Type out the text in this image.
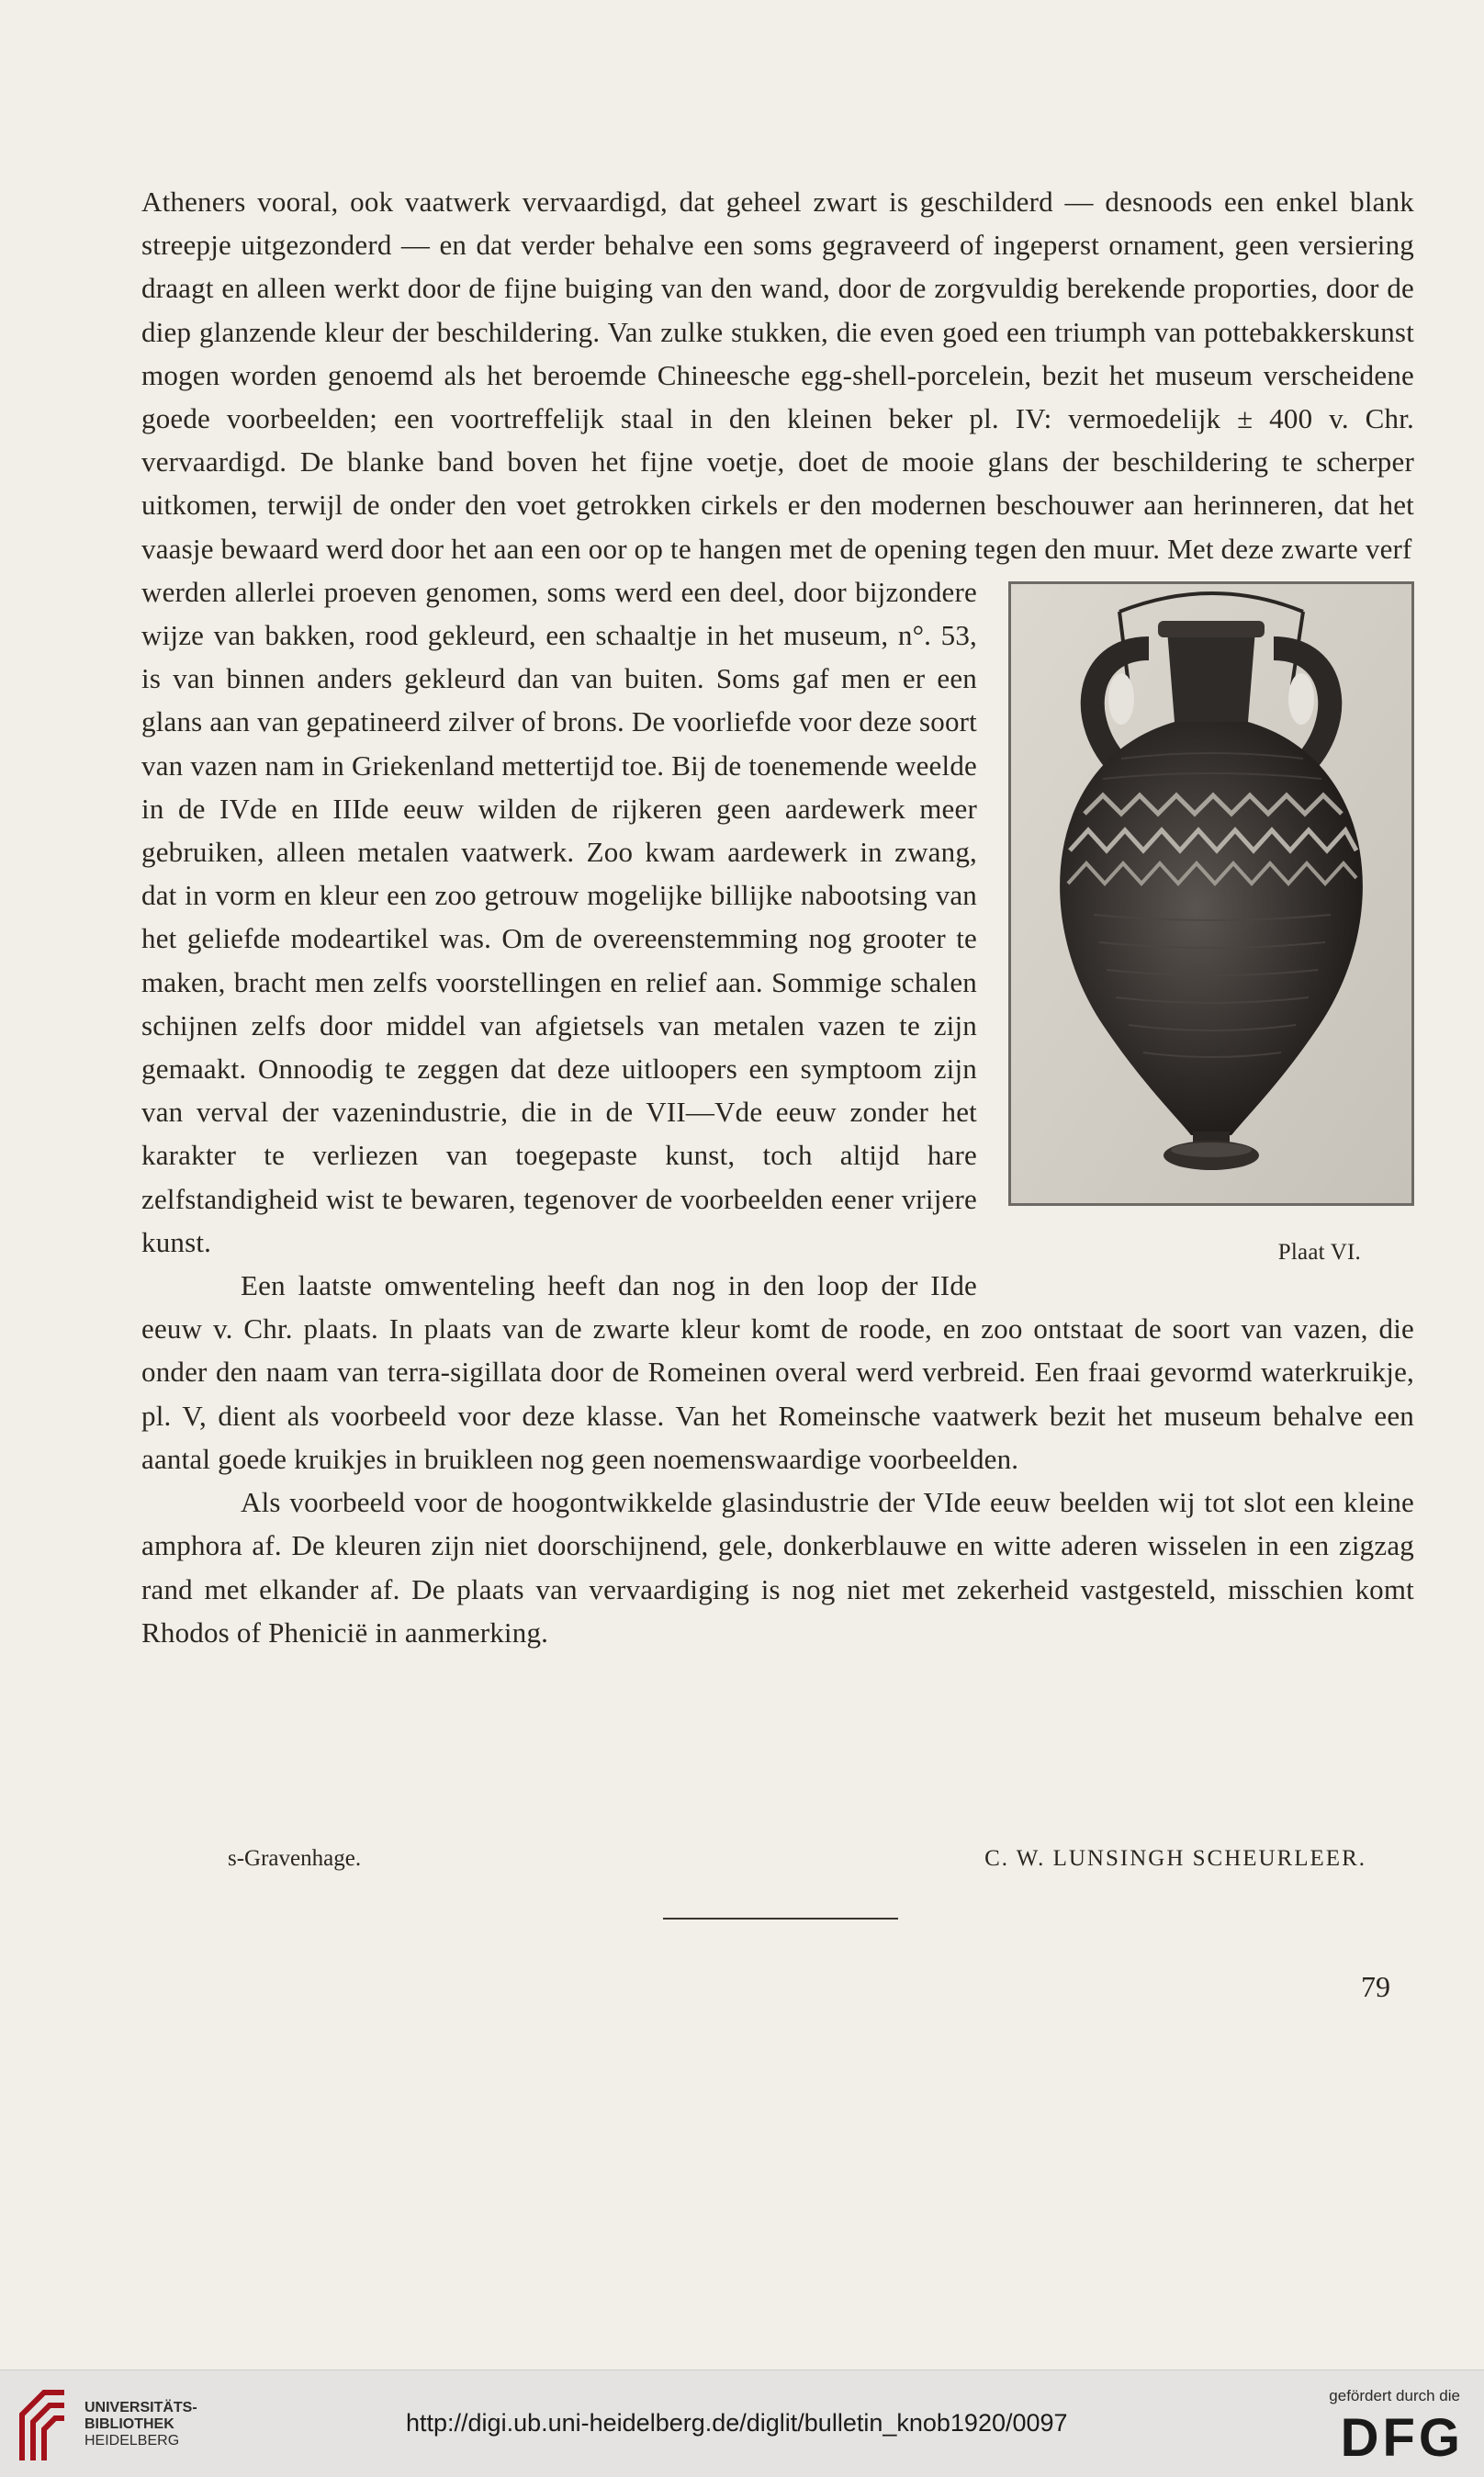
Atheners vooral, ook vaatwerk vervaardigd, dat geheel zwart is geschilderd — desnoods een enkel blank streepje uitgezonderd — en dat verder behalve een soms gegraveerd of ingeperst ornament, geen versiering draagt en alleen werkt door de fijne buiging van den wand, door de zorgvuldig berekende proporties, door de diep glanzende kleur der beschildering. Van zulke stukken, die even goed een triumph van pottebakkerskunst mogen worden genoemd als het beroemde Chineesche egg-shell-porcelein, bezit het museum verscheidene goede voorbeelden; een voortreffelijk staal in den kleinen beker pl. IV: vermoedelijk ± 400 v. Chr. vervaardigd. De blanke band boven het fijne voetje, doet de mooie glans der beschildering te scherper uitkomen, terwijl de onder den voet getrokken cirkels er den modernen beschouwer aan herinneren, dat het vaasje bewaard werd door het aan een oor op te hangen met de opening tegen den muur. Met deze zwarte verf

Plaat VI.

werden allerlei proeven genomen, soms werd een deel, door bijzondere wijze van bakken, rood gekleurd, een schaaltje in het museum, n°. 53, is van binnen anders gekleurd dan van buiten. Soms gaf men er een glans aan van gepatineerd zilver of brons. De voorliefde voor deze soort van vazen nam in Griekenland mettertijd toe. Bij de toenemende weelde in de IVde en IIIde eeuw wilden de rijkeren geen aardewerk meer gebruiken, alleen metalen vaatwerk. Zoo kwam aardewerk in zwang, dat in vorm en kleur een zoo getrouw mogelijke billijke nabootsing van het geliefde modeartikel was. Om de overeenstemming nog grooter te maken, bracht men zelfs voorstellingen en relief aan. Sommige schalen schijnen zelfs door middel van afgietsels van metalen vazen te zijn gemaakt. Onnoodig te zeggen dat deze uitloopers een symptoom zijn van verval der vazenindustrie, die in de VII—Vde eeuw zonder het karakter te verliezen van toegepaste kunst, toch altijd hare zelfstandigheid wist te bewaren, tegenover de voorbeelden eener vrijere kunst.

Een laatste omwenteling heeft dan nog in den loop der IIde eeuw v. Chr. plaats. In plaats van de zwarte kleur komt de roode, en zoo ontstaat de soort van vazen, die onder den naam van terra-sigillata door de Romeinen overal werd verbreid. Een fraai gevormd waterkruikje, pl. V, dient als voorbeeld voor deze klasse. Van het Romeinsche vaatwerk bezit het museum behalve een aantal goede kruikjes in bruikleen nog geen noemenswaardige voorbeelden.

Als voorbeeld voor de hoogontwikkelde glasindustrie der VIde eeuw beelden wij tot slot een kleine amphora af. De kleuren zijn niet doorschijnend, gele, donkerblauwe en witte aderen wisselen in een zigzag rand met elkander af. De plaats van vervaardiging is nog niet met zekerheid vastgesteld, misschien komt Rhodos of Phenicië in aanmerking.

s-Gravenhage.	C. W. LUNSINGH SCHEURLEER.
79
UNIVERSITÄTS-
BIBLIOTHEK
HEIDELBERG
http://digi.ub.uni-heidelberg.de/diglit/bulletin_knob1920/0097
gefördert durch die
DFG
